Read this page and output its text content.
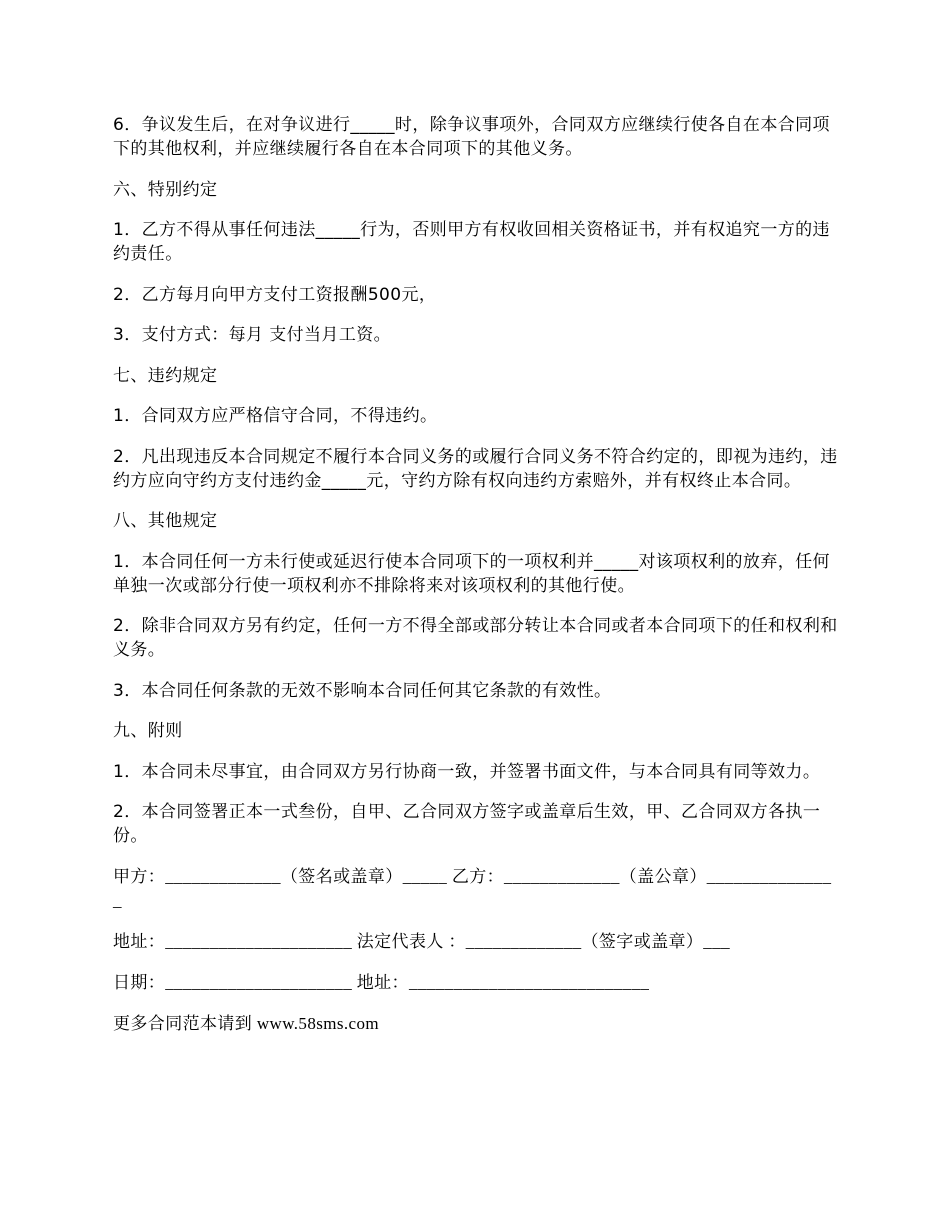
6．争议发生后，在对争议进行_____时，除争议事项外，合同双方应继续行使各自在本合同项下的其他权利，并应继续履行各自在本合同项下的其他义务。

六、特别约定

1．乙方不得从事任何违法_____行为，否则甲方有权收回相关资格证书，并有权追究一方的违约责任。

2．乙方每月向甲方支付工资报酬500元，

3．支付方式：每月 支付当月工资。

七、违约规定

1．合同双方应严格信守合同，不得违约。

2．凡出现违反本合同规定不履行本合同义务的或履行合同义务不符合约定的，即视为违约，违约方应向守约方支付违约金_____元，守约方除有权向违约方索赔外，并有权终止本合同。

八、其他规定

1．本合同任何一方未行使或延迟行使本合同项下的一项权利并_____对该项权利的放弃，任何单独一次或部分行使一项权利亦不排除将来对该项权利的其他行使。

2．除非合同双方另有约定，任何一方不得全部或部分转让本合同或者本合同项下的任和权利和义务。

3．本合同任何条款的无效不影响本合同任何其它条款的有效性。

九、附则

1．本合同未尽事宜，由合同双方另行协商一致，并签署书面文件，与本合同具有同等效力。

2．本合同签署正本一式叁份，自甲、乙合同双方签字或盖章后生效，甲、乙合同双方各执一份。

甲方：_____________（签名或盖章）_____ 乙方：_____________（盖公章）_______________

地址：_____________________ 法定代表人 ：_____________（签字或盖章）___

日期：_____________________ 地址：___________________________

更多合同范本请到 www.58sms.com
